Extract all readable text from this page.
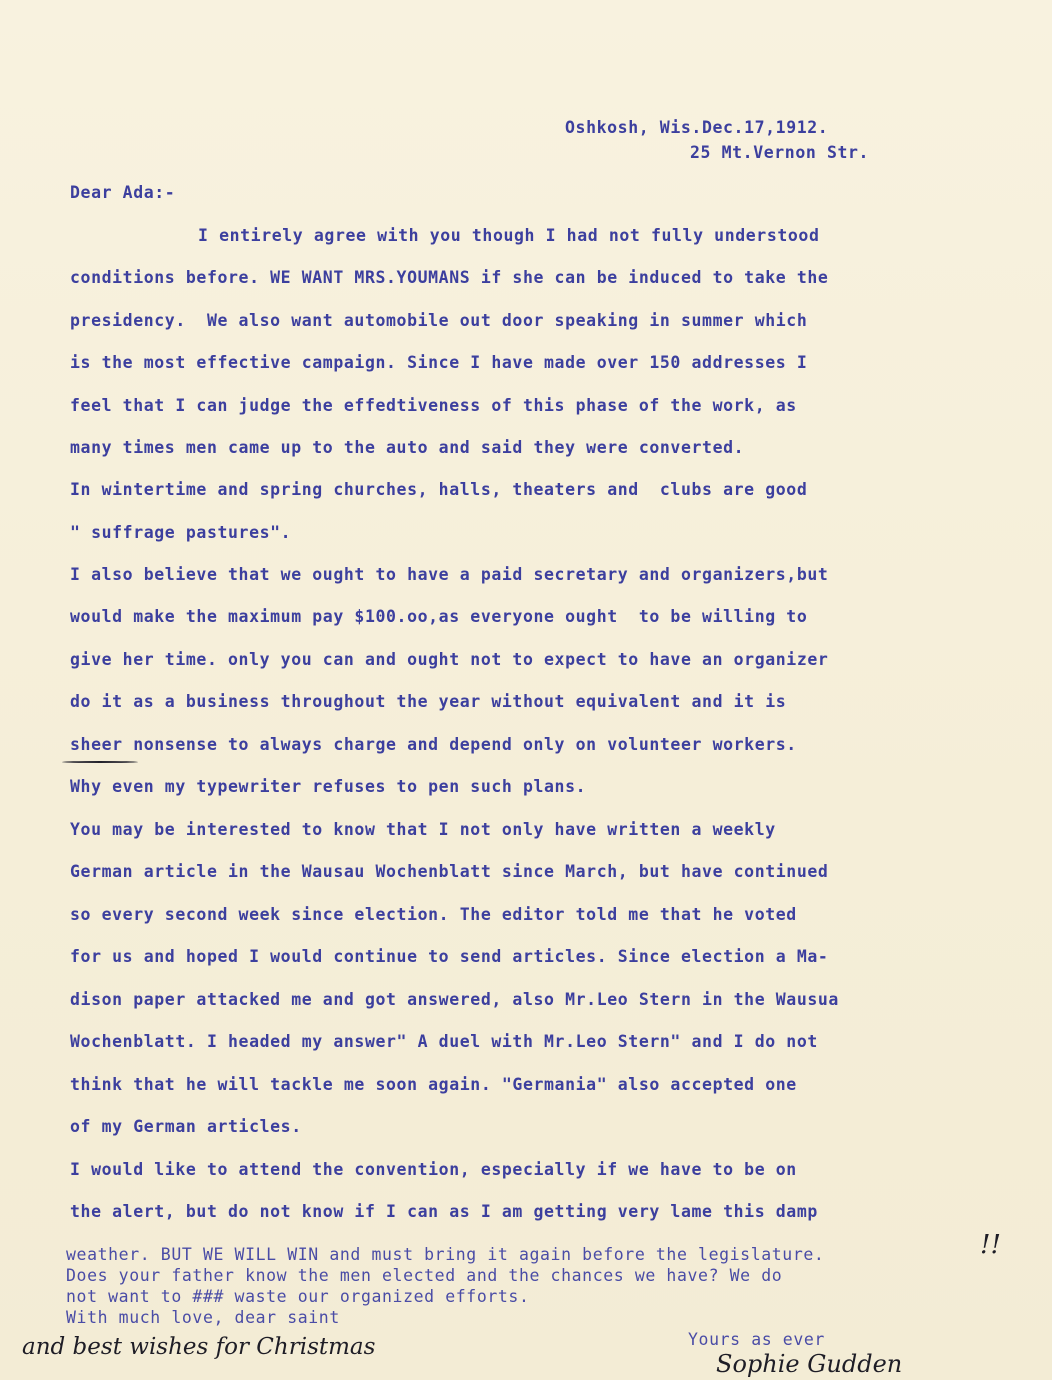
Oshkosh, Wis.Dec.17,1912.
25 Mt.Vernon Str.
Dear Ada:-
I entirely agree with you though I had not fully understood
conditions before. WE WANT MRS.YOUMANS if she can be induced to take the
presidency.  We also want automobile out door speaking in summer which
is the most effective campaign. Since I have made over 150 addresses I
feel that I can judge the effedtiveness of this phase of the work, as
many times men came up to the auto and said they were converted.
In wintertime and spring churches, halls, theaters and  clubs are good
" suffrage pastures".
I also believe that we ought to have a paid secretary and organizers,but
would make the maximum pay $100.oo,as everyone ought  to be willing to
give her time. only you can and ought not to expect to have an organizer
do it as a business throughout the year without equivalent and it is
sheer nonsense to always charge and depend only on volunteer workers.
Why even my typewriter refuses to pen such plans.
You may be interested to know that I not only have written a weekly
German article in the Wausau Wochenblatt since March, but have continued
so every second week since election. The editor told me that he voted
for us and hoped I would continue to send articles. Since election a Ma-
dison paper attacked me and got answered, also Mr.Leo Stern in the Wausua
Wochenblatt. I headed my answer" A duel with Mr.Leo Stern" and I do not
think that he will tackle me soon again. "Germania" also accepted one
of my German articles.
I would like to attend the convention, especially if we have to be on
the alert, but do not know if I can as I am getting very lame this damp
weather. BUT WE WILL WIN and must bring it again before the legislature.
Does your father know the men elected and the chances we have? We do
not want to ### waste our organized efforts.
With much love, dear saint
!!
Yours as ever
and best wishes for Christmas
Sophie Gudden
